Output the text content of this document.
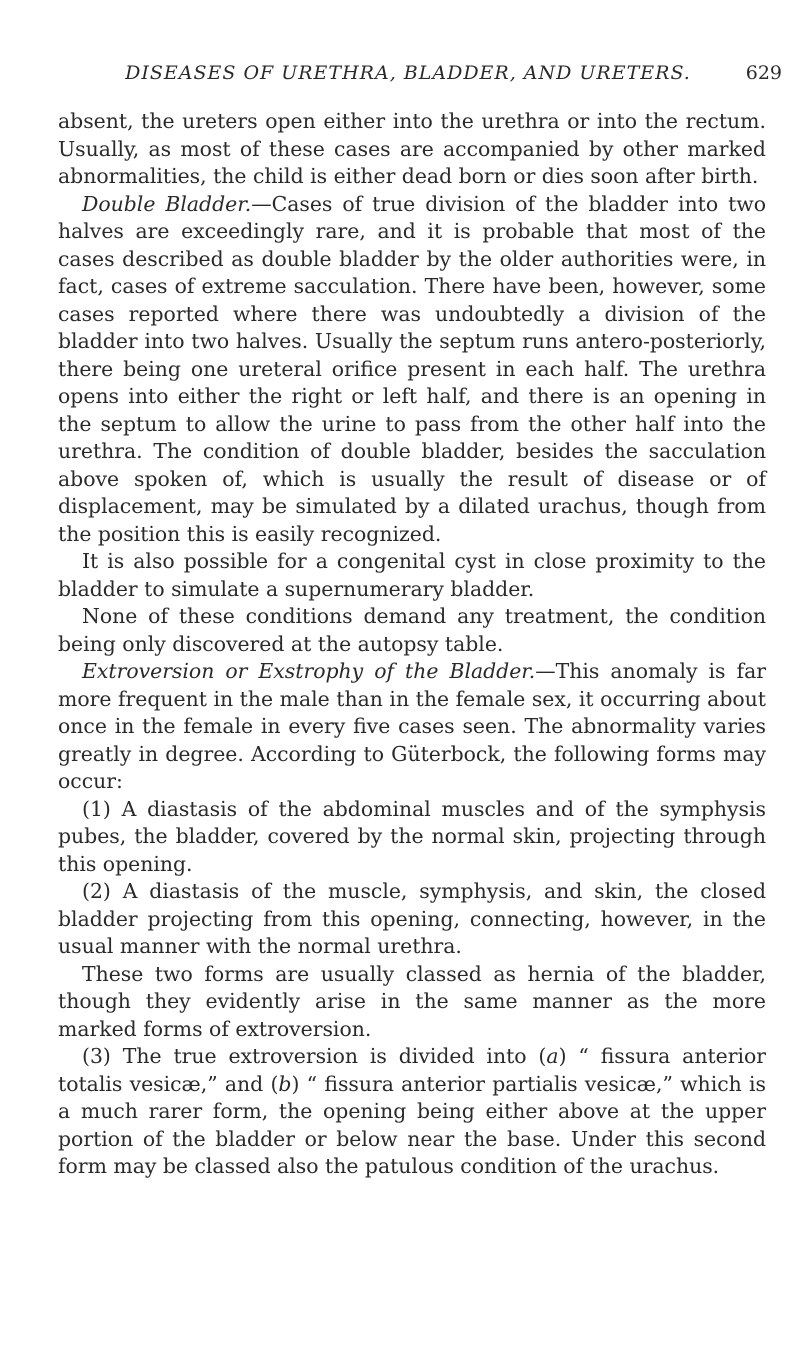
DISEASES OF URETHRA, BLADDER, AND URETERS.	629

absent, the ureters open either into the urethra or into the rectum. Usually, as most of these cases are accompanied by other marked abnormalities, the child is either dead born or dies soon after birth.

Double Bladder.—Cases of true division of the bladder into two halves are exceedingly rare, and it is probable that most of the cases described as double bladder by the older authorities were, in fact, cases of extreme sacculation. There have been, however, some cases reported where there was undoubtedly a division of the bladder into two halves. Usually the septum runs antero-posteriorly, there being one ureteral orifice present in each half. The urethra opens into either the right or left half, and there is an opening in the septum to allow the urine to pass from the other half into the urethra. The condition of double bladder, besides the sacculation above spoken of, which is usually the result of disease or of displacement, may be simulated by a dilated urachus, though from the position this is easily recognized.

It is also possible for a congenital cyst in close proximity to the bladder to simulate a supernumerary bladder.

None of these conditions demand any treatment, the condition being only discovered at the autopsy table.

Extroversion or Exstrophy of the Bladder.—This anomaly is far more frequent in the male than in the female sex, it occurring about once in the female in every five cases seen. The abnormality varies greatly in degree. According to Güterbock, the following forms may occur:

(1) A diastasis of the abdominal muscles and of the symphysis pubes, the bladder, covered by the normal skin, projecting through this opening.

(2) A diastasis of the muscle, symphysis, and skin, the closed bladder projecting from this opening, connecting, however, in the usual manner with the normal urethra.

These two forms are usually classed as hernia of the bladder, though they evidently arise in the same manner as the more marked forms of extroversion.

(3) The true extroversion is divided into (a) “ fissura anterior totalis vesicæ,” and (b) “ fissura anterior partialis vesicæ,” which is a much rarer form, the opening being either above at the upper portion of the bladder or below near the base. Under this second form may be classed also the patulous condition of the urachus.
